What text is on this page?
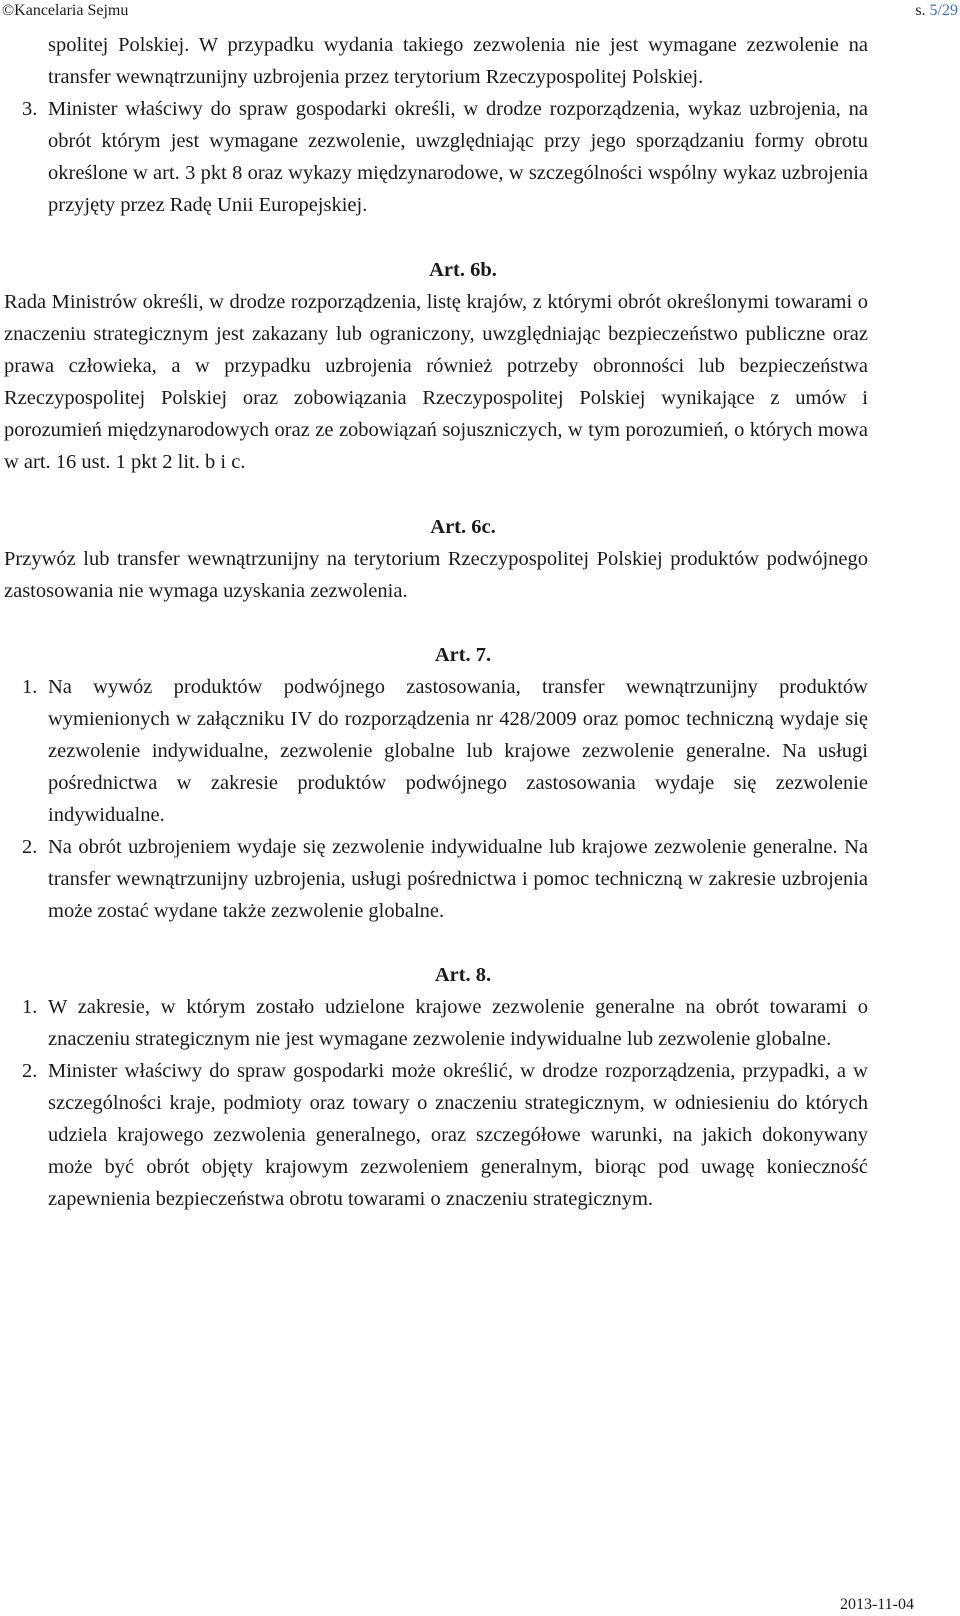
©Kancelaria Sejmu	s. 5/29

spolitej Polskiej. W przypadku wydania takiego zezwolenia nie jest wymagane zezwolenie na transfer wewnątrzunijny uzbrojenia przez terytorium Rzeczypospolitej Polskiej.

3. Minister właściwy do spraw gospodarki określi, w drodze rozporządzenia, wykaz uzbrojenia, na obrót którym jest wymagane zezwolenie, uwzględniając przy jego sporządzaniu formy obrotu określone w art. 3 pkt 8 oraz wykazy międzynarodowe, w szczególności wspólny wykaz uzbrojenia przyjęty przez Radę Unii Europejskiej.

Art. 6b.

Rada Ministrów określi, w drodze rozporządzenia, listę krajów, z którymi obrót określonymi towarami o znaczeniu strategicznym jest zakazany lub ograniczony, uwzględniając bezpieczeństwo publiczne oraz prawa człowieka, a w przypadku uzbrojenia również potrzeby obronności lub bezpieczeństwa Rzeczypospolitej Polskiej oraz zobowiązania Rzeczypospolitej Polskiej wynikające z umów i porozumień międzynarodowych oraz ze zobowiązań sojuszniczych, w tym porozumień, o których mowa w art. 16 ust. 1 pkt 2 lit. b i c.

Art. 6c.

Przywóz lub transfer wewnątrzunijny na terytorium Rzeczypospolitej Polskiej produktów podwójnego zastosowania nie wymaga uzyskania zezwolenia.

Art. 7.

1. Na wywóz produktów podwójnego zastosowania, transfer wewnątrzunijny produktów wymienionych w załączniku IV do rozporządzenia nr 428/2009 oraz pomoc techniczną wydaje się zezwolenie indywidualne, zezwolenie globalne lub krajowe zezwolenie generalne. Na usługi pośrednictwa w zakresie produktów podwójnego zastosowania wydaje się zezwolenie indywidualne.

2. Na obrót uzbrojeniem wydaje się zezwolenie indywidualne lub krajowe zezwolenie generalne. Na transfer wewnątrzunijny uzbrojenia, usługi pośrednictwa i pomoc techniczną w zakresie uzbrojenia może zostać wydane także zezwolenie globalne.

Art. 8.

1. W zakresie, w którym zostało udzielone krajowe zezwolenie generalne na obrót towarami o znaczeniu strategicznym nie jest wymagane zezwolenie indywidualne lub zezwolenie globalne.

2. Minister właściwy do spraw gospodarki może określić, w drodze rozporządzenia, przypadki, a w szczególności kraje, podmioty oraz towary o znaczeniu strategicznym, w odniesieniu do których udziela krajowego zezwolenia generalnego, oraz szczegółowe warunki, na jakich dokonywany może być obrót objęty krajowym zezwoleniem generalnym, biorąc pod uwagę konieczność zapewnienia bezpieczeństwa obrotu towarami o znaczeniu strategicznym.

2013-11-04
